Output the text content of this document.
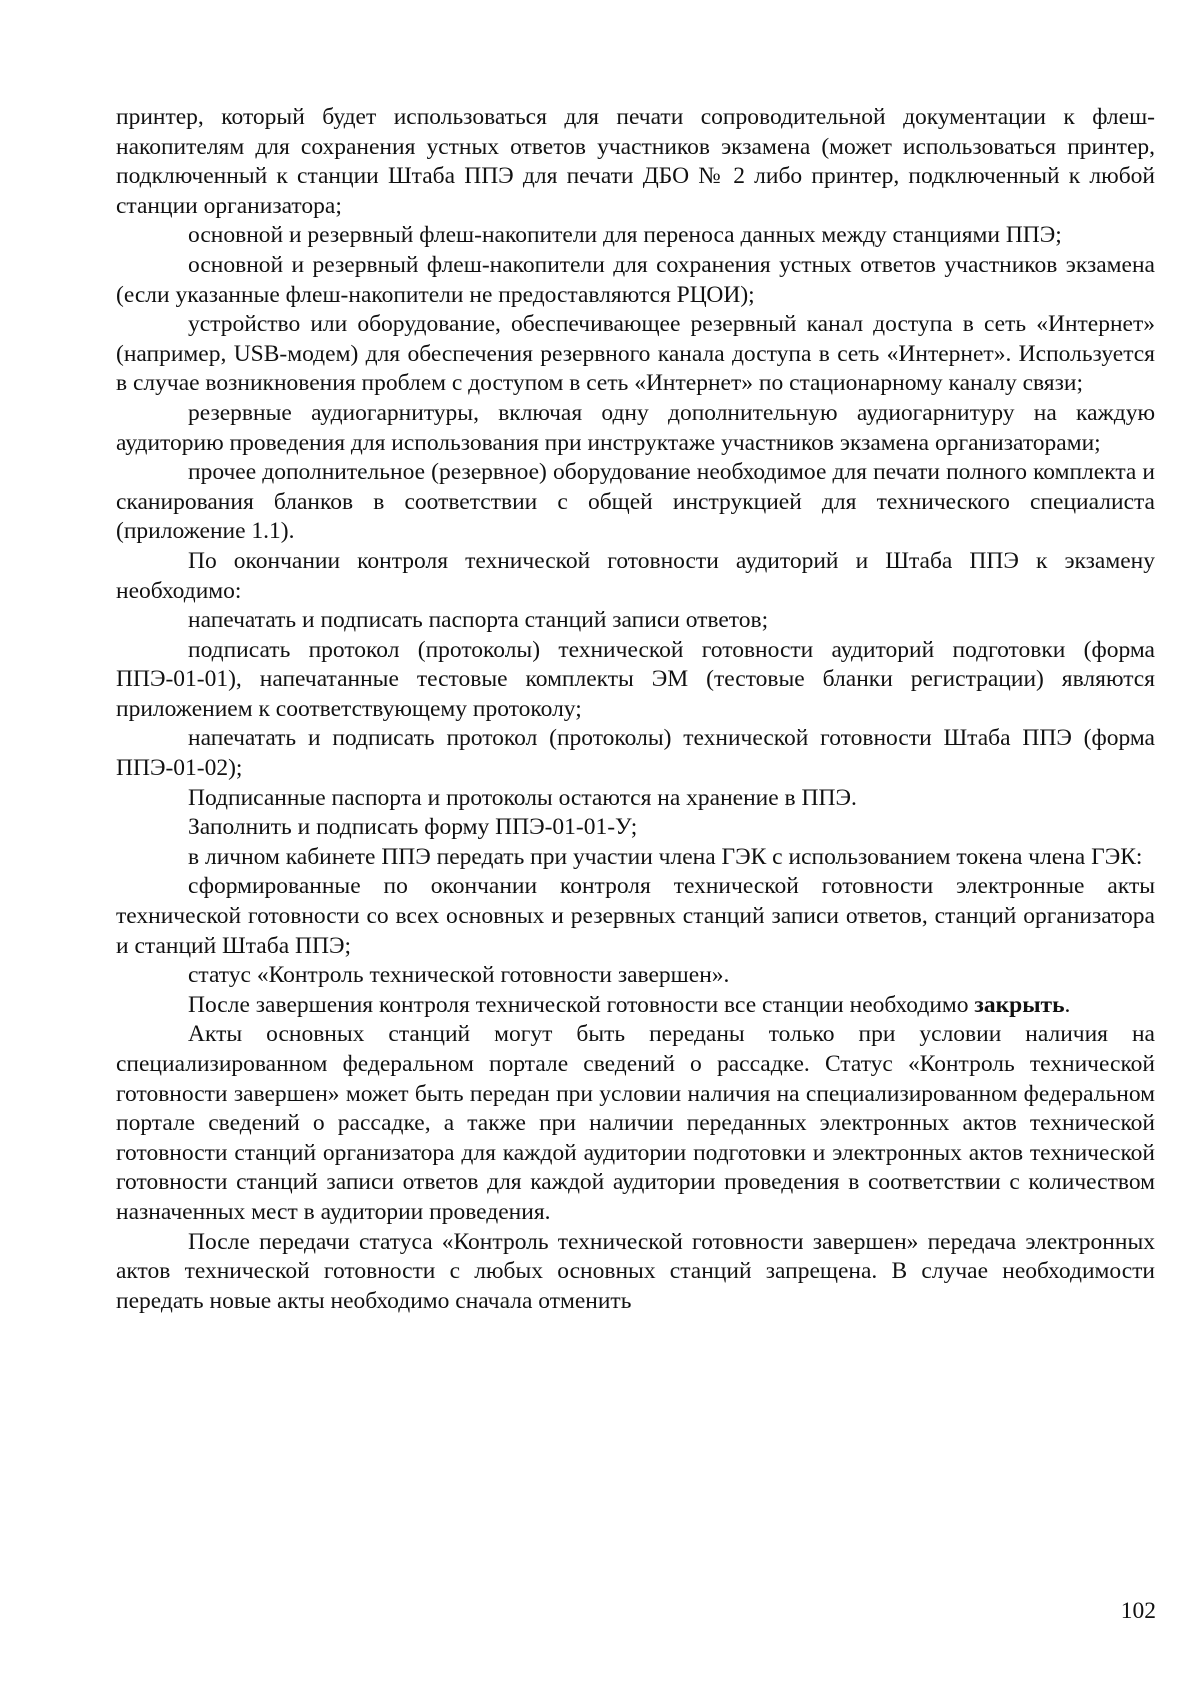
принтер, который будет использоваться для печати сопроводительной документации к флеш-накопителям для сохранения устных ответов участников экзамена (может использоваться принтер, подключенный к станции Штаба ППЭ для печати ДБО № 2 либо принтер, подключенный к любой станции организатора;

основной и резервный флеш-накопители для переноса данных между станциями ППЭ;

основной и резервный флеш-накопители для сохранения устных ответов участников экзамена (если указанные флеш-накопители не предоставляются РЦОИ);

устройство или оборудование, обеспечивающее резервный канал доступа в сеть «Интернет» (например, USB-модем) для обеспечения резервного канала доступа в сеть «Интернет». Используется в случае возникновения проблем с доступом в сеть «Интернет» по стационарному каналу связи;

резервные аудиогарнитуры, включая одну дополнительную аудиогарнитуру на каждую аудиторию проведения для использования при инструктаже участников экзамена организаторами;

прочее дополнительное (резервное) оборудование необходимое для печати полного комплекта и сканирования бланков в соответствии с общей инструкцией для технического специалиста (приложение 1.1).

По окончании контроля технической готовности аудиторий и Штаба ППЭ к экзамену необходимо:

напечатать и подписать паспорта станций записи ответов;

подписать протокол (протоколы) технической готовности аудиторий подготовки (форма ППЭ-01-01), напечатанные тестовые комплекты ЭМ (тестовые бланки регистрации) являются приложением к соответствующему протоколу;

напечатать и подписать протокол (протоколы) технической готовности Штаба ППЭ (форма ППЭ-01-02);

Подписанные паспорта и протоколы остаются на хранение в ППЭ.

Заполнить и подписать форму ППЭ-01-01-У;

в личном кабинете ППЭ передать при участии члена ГЭК с использованием токена члена ГЭК:

сформированные по окончании контроля технической готовности электронные акты технической готовности со всех основных и резервных станций записи ответов, станций организатора и станций Штаба ППЭ;

статус «Контроль технической готовности завершен».

После завершения контроля технической готовности все станции необходимо закрыть.

Акты основных станций могут быть переданы только при условии наличия на специализированном федеральном портале сведений о рассадке. Статус «Контроль технической готовности завершен» может быть передан при условии наличия на специализированном федеральном портале сведений о рассадке, а также при наличии переданных электронных актов технической готовности станций организатора для каждой аудитории подготовки и электронных актов технической готовности станций записи ответов для каждой аудитории проведения в соответствии с количеством назначенных мест в аудитории проведения.

После передачи статуса «Контроль технической готовности завершен» передача электронных актов технической готовности с любых основных станций запрещена. В случае необходимости передать новые акты необходимо сначала отменить

102
